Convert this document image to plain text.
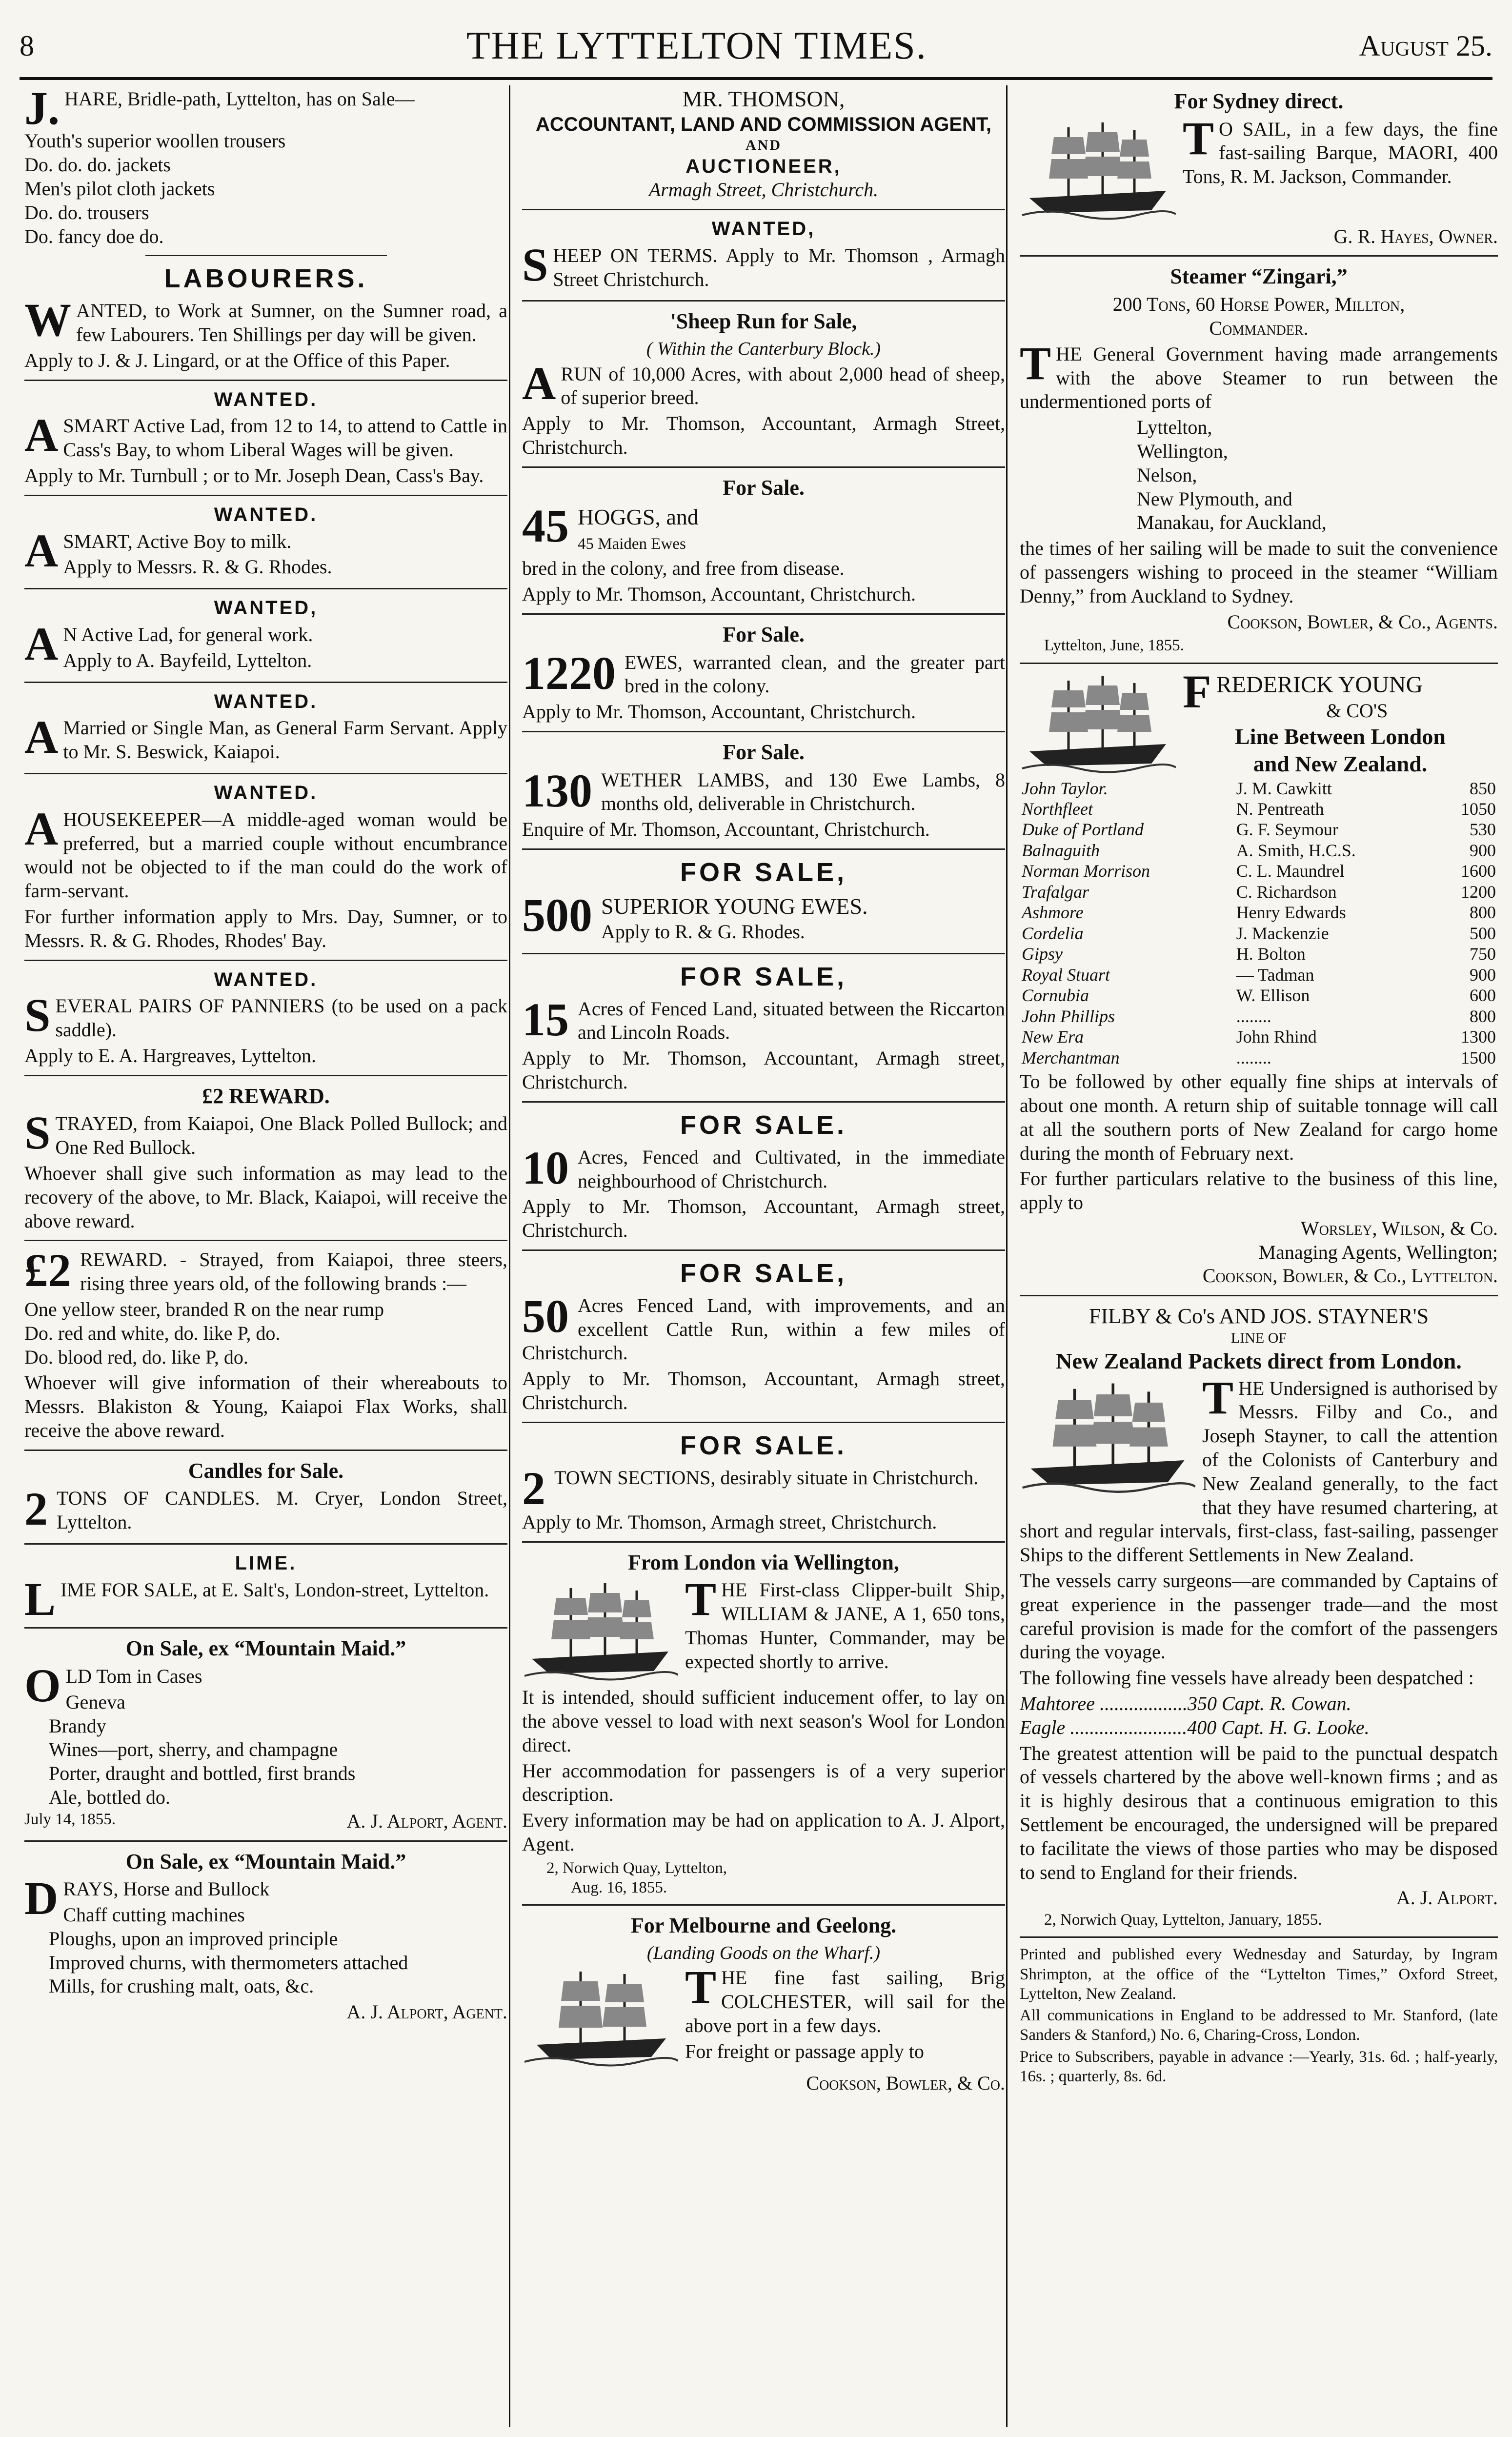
8	THE LYTTELTON TIMES.	August 25.

J. HARE, Bridle-path, Lyttelton, has on Sale—

Youth's superior woollen trousers
Do. do. do. jackets
Men's pilot cloth jackets
Do. do. trousers
Do. fancy doe do.
LABOURERS.

WANTED, to Work at Sumner, on the Sumner road, a few Labourers. Ten Shillings per day will be given.

Apply to J. & J. Lingard, or at the Office of this Paper.

WANTED.

ASMART Active Lad, from 12 to 14, to attend to Cattle in Cass's Bay, to whom Liberal Wages will be given.

Apply to Mr. Turnbull ; or to Mr. Joseph Dean, Cass's Bay.

WANTED.

ASMART, Active Boy to milk.

Apply to Messrs. R. & G. Rhodes.

WANTED,

A N Active Lad, for general work.

Apply to A. Bayfeild, Lyttelton.

WANTED.

A Married or Single Man, as General Farm Servant. Apply to Mr. S. Beswick, Kaiapoi.

WANTED.

AHOUSEKEEPER—A middle-aged woman would be preferred, but a married couple without encumbrance would not be objected to if the man could do the work of farm-servant.

For further information apply to Mrs. Day, Sumner, or to Messrs. R. & G. Rhodes, Rhodes' Bay.

WANTED.

SEVERAL PAIRS OF PANNIERS (to be used on a pack saddle).

Apply to E. A. Hargreaves, Lyttelton.

£2 REWARD.

STRAYED, from Kaiapoi, One Black Polled Bullock; and One Red Bullock.

Whoever shall give such information as may lead to the recovery of the above, to Mr. Black, Kaiapoi, will receive the above reward.

£2 REWARD. - Strayed, from Kaiapoi, three steers, rising three years old, of the following brands :—

One yellow steer, branded R on the near rump
Do. red and white, do. like P, do.
Do. blood red, do. like P, do.

Whoever will give information of their whereabouts to Messrs. Blakiston & Young, Kaiapoi Flax Works, shall receive the above reward.

Candles for Sale.

2 TONS OF CANDLES. M. Cryer, London Street, Lyttelton.

LIME.

LIME FOR SALE, at E. Salt's, London-street, Lyttelton.

On Sale, ex “Mountain Maid.”

OLD Tom in Cases

Geneva
Brandy
Wines—port, sherry, and champagne
Porter, draught and bottled, first brands
Ale, bottled do.
July 14, 1855.	A. J. Alport, Agent.
On Sale, ex “Mountain Maid.”

DRAYS, Horse and Bullock

Chaff cutting machines
Ploughs, upon an improved principle
Improved churns, with thermometers attached
Mills, for crushing malt, oats, &c.

A. J. Alport, Agent.

MR. THOMSON,
ACCOUNTANT, LAND AND COMMISSION AGENT,
AND
AUCTIONEER,
Armagh Street, Christchurch.
WANTED,

SHEEP ON TERMS. Apply to Mr. Thomson , Armagh Street Christchurch.

'Sheep Run for Sale,
( Within the Canterbury Block.)

ARUN of 10,000 Acres, with about 2,000 head of sheep, of superior breed.

Apply to Mr. Thomson, Accountant, Armagh Street, Christchurch.

For Sale.

45 HOGGS, and
45 Maiden Ewes

bred in the colony, and free from disease.

Apply to Mr. Thomson, Accountant, Christchurch.

For Sale.

1220 EWES, warranted clean, and the greater part bred in the colony.

Apply to Mr. Thomson, Accountant, Christchurch.

For Sale.

130 WETHER LAMBS, and 130 Ewe Lambs, 8 months old, deliverable in Christchurch.

Enquire of Mr. Thomson, Accountant, Christchurch.

FOR SALE,

500 SUPERIOR YOUNG EWES.
Apply to R. & G. Rhodes.

FOR SALE,

15 Acres of Fenced Land, situated between the Riccarton and Lincoln Roads.

Apply to Mr. Thomson, Accountant, Armagh street, Christchurch.

FOR SALE.

10 Acres, Fenced and Cultivated, in the immediate neighbourhood of Christchurch.

Apply to Mr. Thomson, Accountant, Armagh street, Christchurch.

FOR SALE,

50 Acres Fenced Land, with improvements, and an excellent Cattle Run, within a few miles of Christchurch.

Apply to Mr. Thomson, Accountant, Armagh street, Christchurch.

FOR SALE.

2 TOWN SECTIONS, desirably situate in Christchurch.

Apply to Mr. Thomson, Armagh street, Christchurch.

From London via Wellington,

THE First-class Clipper-built Ship, WILLIAM & JANE, A 1, 650 tons, Thomas Hunter, Commander, may be expected shortly to arrive.

It is intended, should sufficient inducement offer, to lay on the above vessel to load with next season's Wool for London direct.

Her accommodation for passengers is of a very superior description.

Every information may be had on application to A. J. Alport, Agent.

2, Norwich Quay, Lyttelton,
Aug. 16, 1855.
For Melbourne and Geelong.
(Landing Goods on the Wharf.)

THE fine fast sailing, Brig COLCHESTER, will sail for the above port in a few days.

For freight or passage apply to

Cookson, Bowler, & Co.

For Sydney direct.

T O SAIL, in a few days, the fine fast-sailing Barque, MAORI, 400 Tons, R. M. Jackson, Commander.

G. R. Hayes, Owner.

Steamer “Zingari,”
200 Tons, 60 Horse Power, Millton,
Commander.

THE General Government having made arrangements with the above Steamer to run between the undermentioned ports of

Lyttelton,
Wellington,
Nelson,
New Plymouth, and
Manakau, for Auckland,

the times of her sailing will be made to suit the convenience of passengers wishing to proceed in the steamer “William Denny,” from Auckland to Sydney.

Cookson, Bowler, & Co., Agents.

Lyttelton, June, 1855.
FREDERICK YOUNG
& CO'S
Line Between London
and New Zealand.
John Taylor.	J. M. Cawkitt	850
Northfleet	N. Pentreath	1050
Duke of Portland	G. F. Seymour	530
Balnaguith	A. Smith, H.C.S.	900
Norman Morrison	C. L. Maundrel	1600
Trafalgar	C. Richardson	1200
Ashmore	Henry Edwards	800
Cordelia	J. Mackenzie	500
Gipsy	H. Bolton	750
Royal Stuart	— Tadman	900
Cornubia	W. Ellison	600
John Phillips	........	800
New Era	John Rhind	1300
Merchantman	........	1500

To be followed by other equally fine ships at intervals of about one month. A return ship of suitable tonnage will call at all the southern ports of New Zealand for cargo home during the month of February next.

For further particulars relative to the business of this line, apply to

Worsley, Wilson, & Co.

Managing Agents, Wellington;

Cookson, Bowler, & Co., Lyttelton.

FILBY & Co's AND JOS. STAYNER'S
LINE OF
New Zealand Packets direct from London.

THE Undersigned is authorised by Messrs. Filby and Co., and Joseph Stayner, to call the attention of the Colonists of Canterbury and New Zealand generally, to the fact that they have resumed chartering, at short and regular intervals, first-class, fast-sailing, passenger Ships to the different Settlements in New Zealand.

The vessels carry surgeons—are commanded by Captains of great experience in the passenger trade—and the most careful provision is made for the comfort of the passengers during the voyage.

The following fine vessels have already been despatched :

Mahtoree ..................350 Capt. R. Cowan.
Eagle ........................400 Capt. H. G. Looke.

The greatest attention will be paid to the punctual despatch of vessels chartered by the above well-known firms ; and as it is highly desirous that a continuous emigration to this Settlement be encouraged, the undersigned will be prepared to facilitate the views of those parties who may be disposed to send to England for their friends.

A. J. Alport.

2, Norwich Quay, Lyttelton, January, 1855.

Printed and published every Wednesday and Saturday, by Ingram Shrimpton, at the office of the “Lyttelton Times,” Oxford Street, Lyttelton, New Zealand.

All communications in England to be addressed to Mr. Stanford, (late Sanders & Stanford,) No. 6, Charing-Cross, London.

Price to Subscribers, payable in advance :—Yearly, 31s. 6d. ; half-yearly, 16s. ; quarterly, 8s. 6d.
